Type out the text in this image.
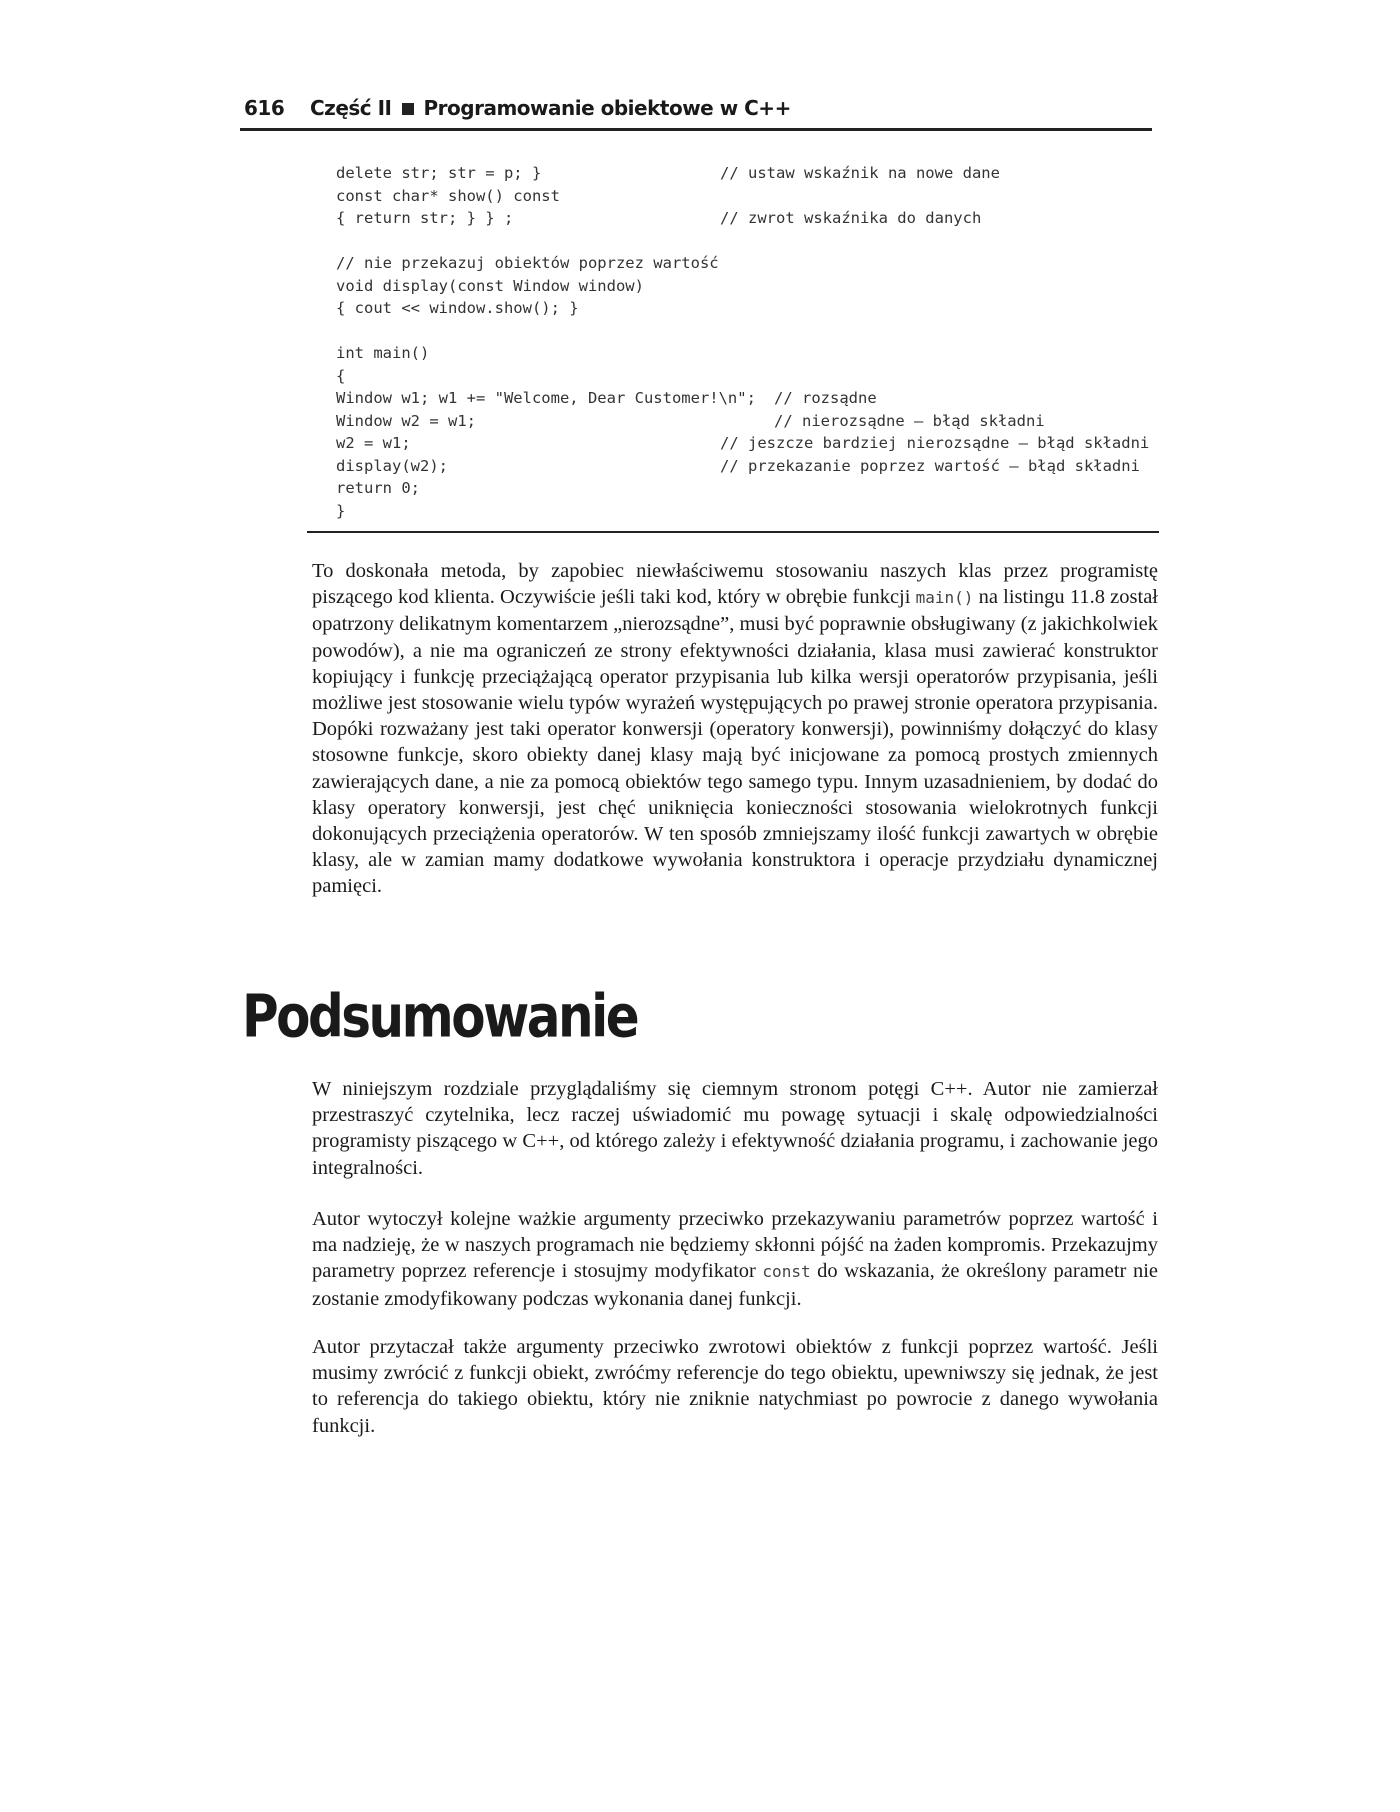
616 Część II Programowanie obiektowe w C++
delete str; str = p; }	// ustaw wskaźnik na nowe dane
const char* show() const
{ return str; } } ;	// zwrot wskaźnika do danych
// nie przekazuj obiektów poprzez wartość
void display(const Window window)
{ cout << window.show(); }
int main()
{
Window w1; w1 += "Welcome, Dear Customer!\n"; // rozsądne
Window w2 = w1;	// nierozsądne – błąd składni
w2 = w1;	// jeszcze bardziej nierozsądne – błąd składni
display(w2);	// przekazanie poprzez wartość – błąd składni
return 0;
}

To doskonała metoda, by zapobiec niewłaściwemu stosowaniu naszych klas przez programistę piszącego kod klienta. Oczywiście jeśli taki kod, który w obrębie funkcji main() na listingu 11.8 został opatrzony delikatnym komentarzem „nierozsądne”, musi być poprawnie obsługiwany (z jakichkolwiek powodów), a nie ma ograniczeń ze strony efektywności działania, klasa musi zawierać konstruktor kopiujący i funkcję przeciążającą operator przypisania lub kilka wersji operatorów przypisania, jeśli możliwe jest stosowanie wielu typów wyrażeń występujących po prawej stronie operatora przypisania. Dopóki rozważany jest taki operator konwersji (operatory konwersji), powinniśmy dołączyć do klasy stosowne funkcje, skoro obiekty danej klasy mają być inicjowane za pomocą prostych zmiennych zawierających dane, a nie za pomocą obiektów tego samego typu. Innym uzasadnieniem, by dodać do klasy operatory konwersji, jest chęć uniknięcia konieczności stosowania wielokrotnych funkcji dokonujących przeciążenia operatorów. W ten sposób zmniejszamy ilość funkcji zawartych w obrębie klasy, ale w zamian mamy dodatkowe wywołania konstruktora i operacje przydziału dynamicznej pamięci.

Podsumowanie

W niniejszym rozdziale przyglądaliśmy się ciemnym stronom potęgi C++. Autor nie zamierzał przestraszyć czytelnika, lecz raczej uświadomić mu powagę sytuacji i skalę odpowiedzialności programisty piszącego w C++, od którego zależy i efektywność działania programu, i zachowanie jego integralności.

Autor wytoczył kolejne ważkie argumenty przeciwko przekazywaniu parametrów poprzez wartość i ma nadzieję, że w naszych programach nie będziemy skłonni pójść na żaden kompromis. Przekazujmy parametry poprzez referencje i stosujmy modyfikator const do wskazania, że określony parametr nie zostanie zmodyfikowany podczas wykonania danej funkcji.

Autor przytaczał także argumenty przeciwko zwrotowi obiektów z funkcji poprzez wartość. Jeśli musimy zwrócić z funkcji obiekt, zwróćmy referencje do tego obiektu, upewniwszy się jednak, że jest to referencja do takiego obiektu, który nie zniknie natychmiast po powrocie z danego wywołania funkcji.
